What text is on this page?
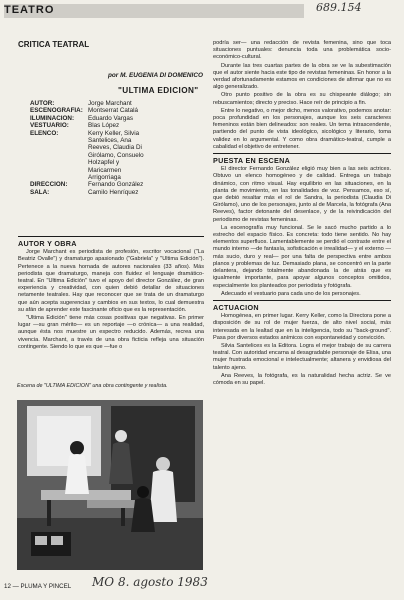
TEATRO	689.154
CRITICA TEATRAL
por M. EUGENIA DI DOMENICO
"ULTIMA EDICION"
AUTOR:	Jorge Marchant
ESCENOGRAFIA: Montserrat Catalá
ILUMINACION:	Eduardo Vargas
VESTUARIO:	Blas López
ELENCO:	Kerry Keller, Silvia
Santelices, Ana
Reeves, Claudia Di
Girólamo, Consuelo
Holzapfel y
Maricarmen
Arrigorriaga
DIRECCION:	Fernando González
SALA:	Camilo Henríquez
AUTOR Y OBRA

Jorge Marchant es periodista de profesión, escritor vocacional ("La Beatriz Ovalle") y dramaturgo apasionado ("Gabriela" y "Ultima Edición"). Pertenece a la nueva hornada de autores nacionales (33 años). Más periodista que dramaturgo, maneja con fluidez el lenguaje dramático-teatral. En "Ultima Edición" tuvo el apoyo del director González, de gran experiencia y creatividad, con quien debió detallar de situaciones netamente teatrales. Hay que reconocer que se trata de un dramaturgo que aún acepta sugerencias y cambios en sus textos, lo cual demuestra su afán de aprender este fascinante oficio que es la representación.

"Ultima Edición" tiene más cosas positivas que negativas. En primer lugar —su gran mérito— es un reportaje —o crónica— a una realidad, aunque ésta nos muestre un espectro reducido. Además, recrea una vivencia. Marchant, a través de una obra ficticia refleja una situación contingente. Siendo lo que es que —fue o

Escena de "ULTIMA EDICION" una obra contingente y realista.

podría ser— una redacción de revista femenina, sino que toca situaciones puntuales: denuncia toda una problemática socio-económico-cultural.

Durante las tres cuartas partes de la obra se ve la subestimación que el autor siente hacia este tipo de revistas femeninas. En honor a la verdad afortunadamente estamos en condiciones de afirmar que no es algo generalizado.

Otro punto positivo de la obra es su chispeante diálogo; sin rebuscamientos; directo y preciso. Hace reír de principio a fin.

Entre lo negativo, o mejor dicho, menos valorativo, podemos anotar: poca profundidad en los personajes, aunque los seis caracteres femeninos están bien delineados: son reales. Un tema intrascendente, partiendo del punto de vista ideológico, sicológico y literario, toma validez en lo argumental. Y como obra dramático-teatral, cumple a cabalidad el objetivo de entretener.

PUESTA EN ESCENA

El director Fernando González eligió muy bien a las seis actrices. Obtuvo un elenco homogéneo y de calidad. Entrega un trabajo dinámico, con ritmo visual. Hay equilibrio en las situaciones, en la planta de movimiento, en las tonalidades de voz. Pensamos, eso sí, que debió resaltar más el rol de Sandra, la periodista (Claudia Di Girólamo), uno de los personajes, junto al de Marcela, la fotógrafa (Ana Reeves), factor detonante del desenlace, y de la reivindicación del periodismo de revistas femeninas.

La escenografía muy funcional. Se le sacó mucho partido a lo estrecho del espacio físico. Es concreta: todo tiene sentido. No hay elementos superfluos. Lamentablemente se perdió el contraste entre el mundo interno —de fantasía, sofisticación e irrealidad— y el externo —más sucio, duro y real— por una falta de perspectiva entre ambos planos y problemas de luz. Demasiado plana, se concentró en la parte delantera, dejando totalmente abandonada la de atrás que es igualmente importante, para apoyar algunos conceptos omitidos, especialmente los planteados por periodista y fotógrafa.

Adecuado el vestuario para cada uno de los personajes.

ACTUACION

Homogénea, en primer lugar. Kerry Keller, como la Directora pone a disposición de su rol de mujer fuerza, de alto nivel social, más interesada en la lealtad que en la inteligencia, todo su "back-ground". Pasa por diversos estados anímicos con espontaneidad y convicción.

Silvia Santelices es la Editora. Logra el mejor trabajo de su carrera teatral. Con autoridad encarna al desagradable personaje de Elisa, una mujer frustrada emocional e intelectualmente; altanera y envidiosa del talento ajeno.

Ana Reeves, la fotógrafa, es la naturalidad hecha actriz. Se ve cómoda en su papel.

12 — PLUMA Y PINCEL MO 8. agosto 1983
